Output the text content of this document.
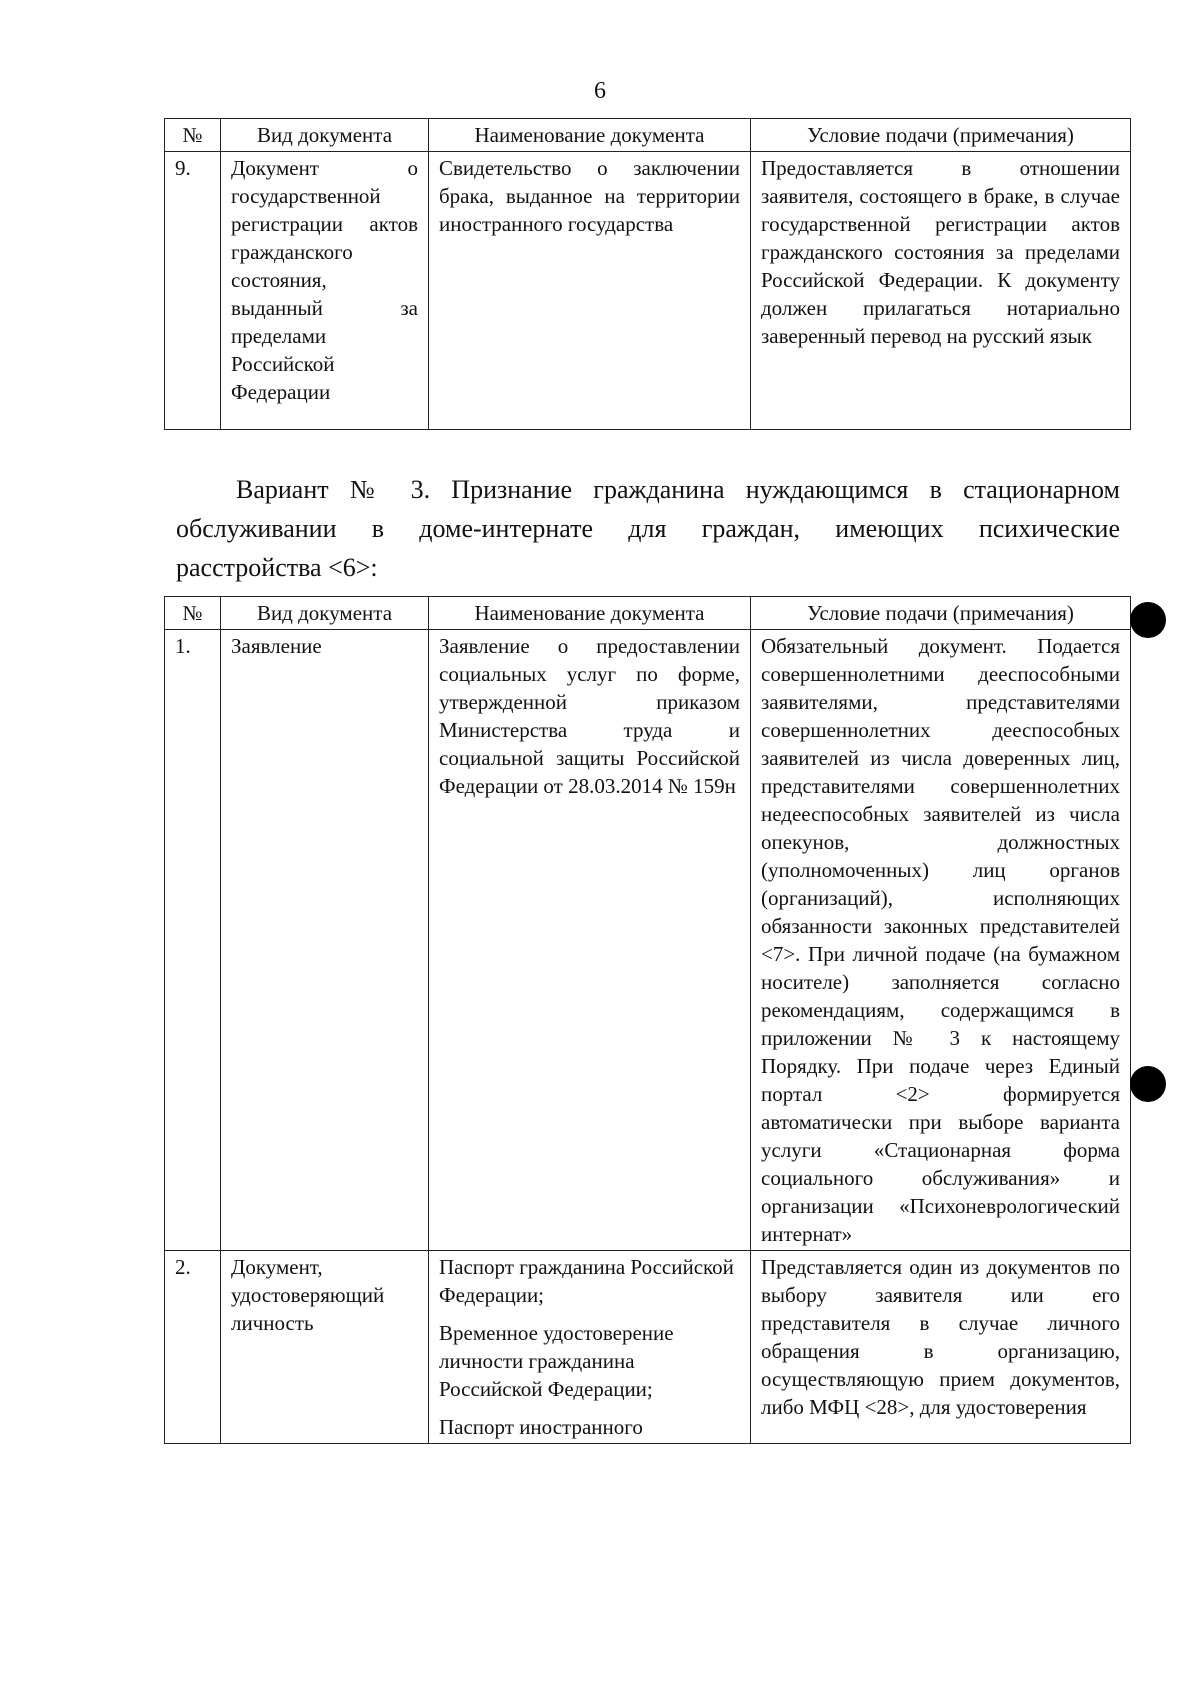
6
№	Вид документа	Наименование документа	Условие подачи (примечания)
9.	Документ о государственной регистрации актов гражданского состояния, выданный за пределами Российской Федерации	Свидетельство о заключении брака, выданное на территории иностранного государства	Предоставляется в отношении заявителя, состоящего в браке, в случае государственной регистрации актов гражданского состояния за пределами Российской Федерации. К документу должен прилагаться нотариально заверенный перевод на русский язык
Вариант № 3. Признание гражданина нуждающимся в стационарном
обслуживании в доме-интернате для граждан, имеющих психические
расстройства <6>:
№	Вид документа	Наименование документа	Условие подачи (примечания)
1.	Заявление	Заявление о предоставлении социальных услуг по форме, утвержденной приказом Министерства труда и социальной защиты Российской Федерации от 28.03.2014 № 159н	Обязательный документ. Подается совершеннолетними дееспособными заявителями, представителями совершеннолетних дееспособных заявителей из числа доверенных лиц, представителями совершеннолетних недееспособных заявителей из числа опекунов, должностных (уполномоченных) лиц органов (организаций), исполняющих обязанности законных представителей <7>. При личной подаче (на бумажном носителе) заполняется согласно рекомендациям, содержащимся в приложении № 3 к настоящему Порядку. При подаче через Единый портал <2> формируется автоматически при выборе варианта услуги «Стационарная форма социального обслуживания» и организации «Психоневрологический интернат»
2.	Документ, удостоверяющий личность	Паспорт гражданина Российской Федерации;
Временное удостоверение личности гражданина Российской Федерации;
Паспорт иностранного	Представляется один из документов по выбору заявителя или его представителя в случае личного обращения в организацию, осуществляющую прием документов, либо МФЦ <28>, для удостоверения
